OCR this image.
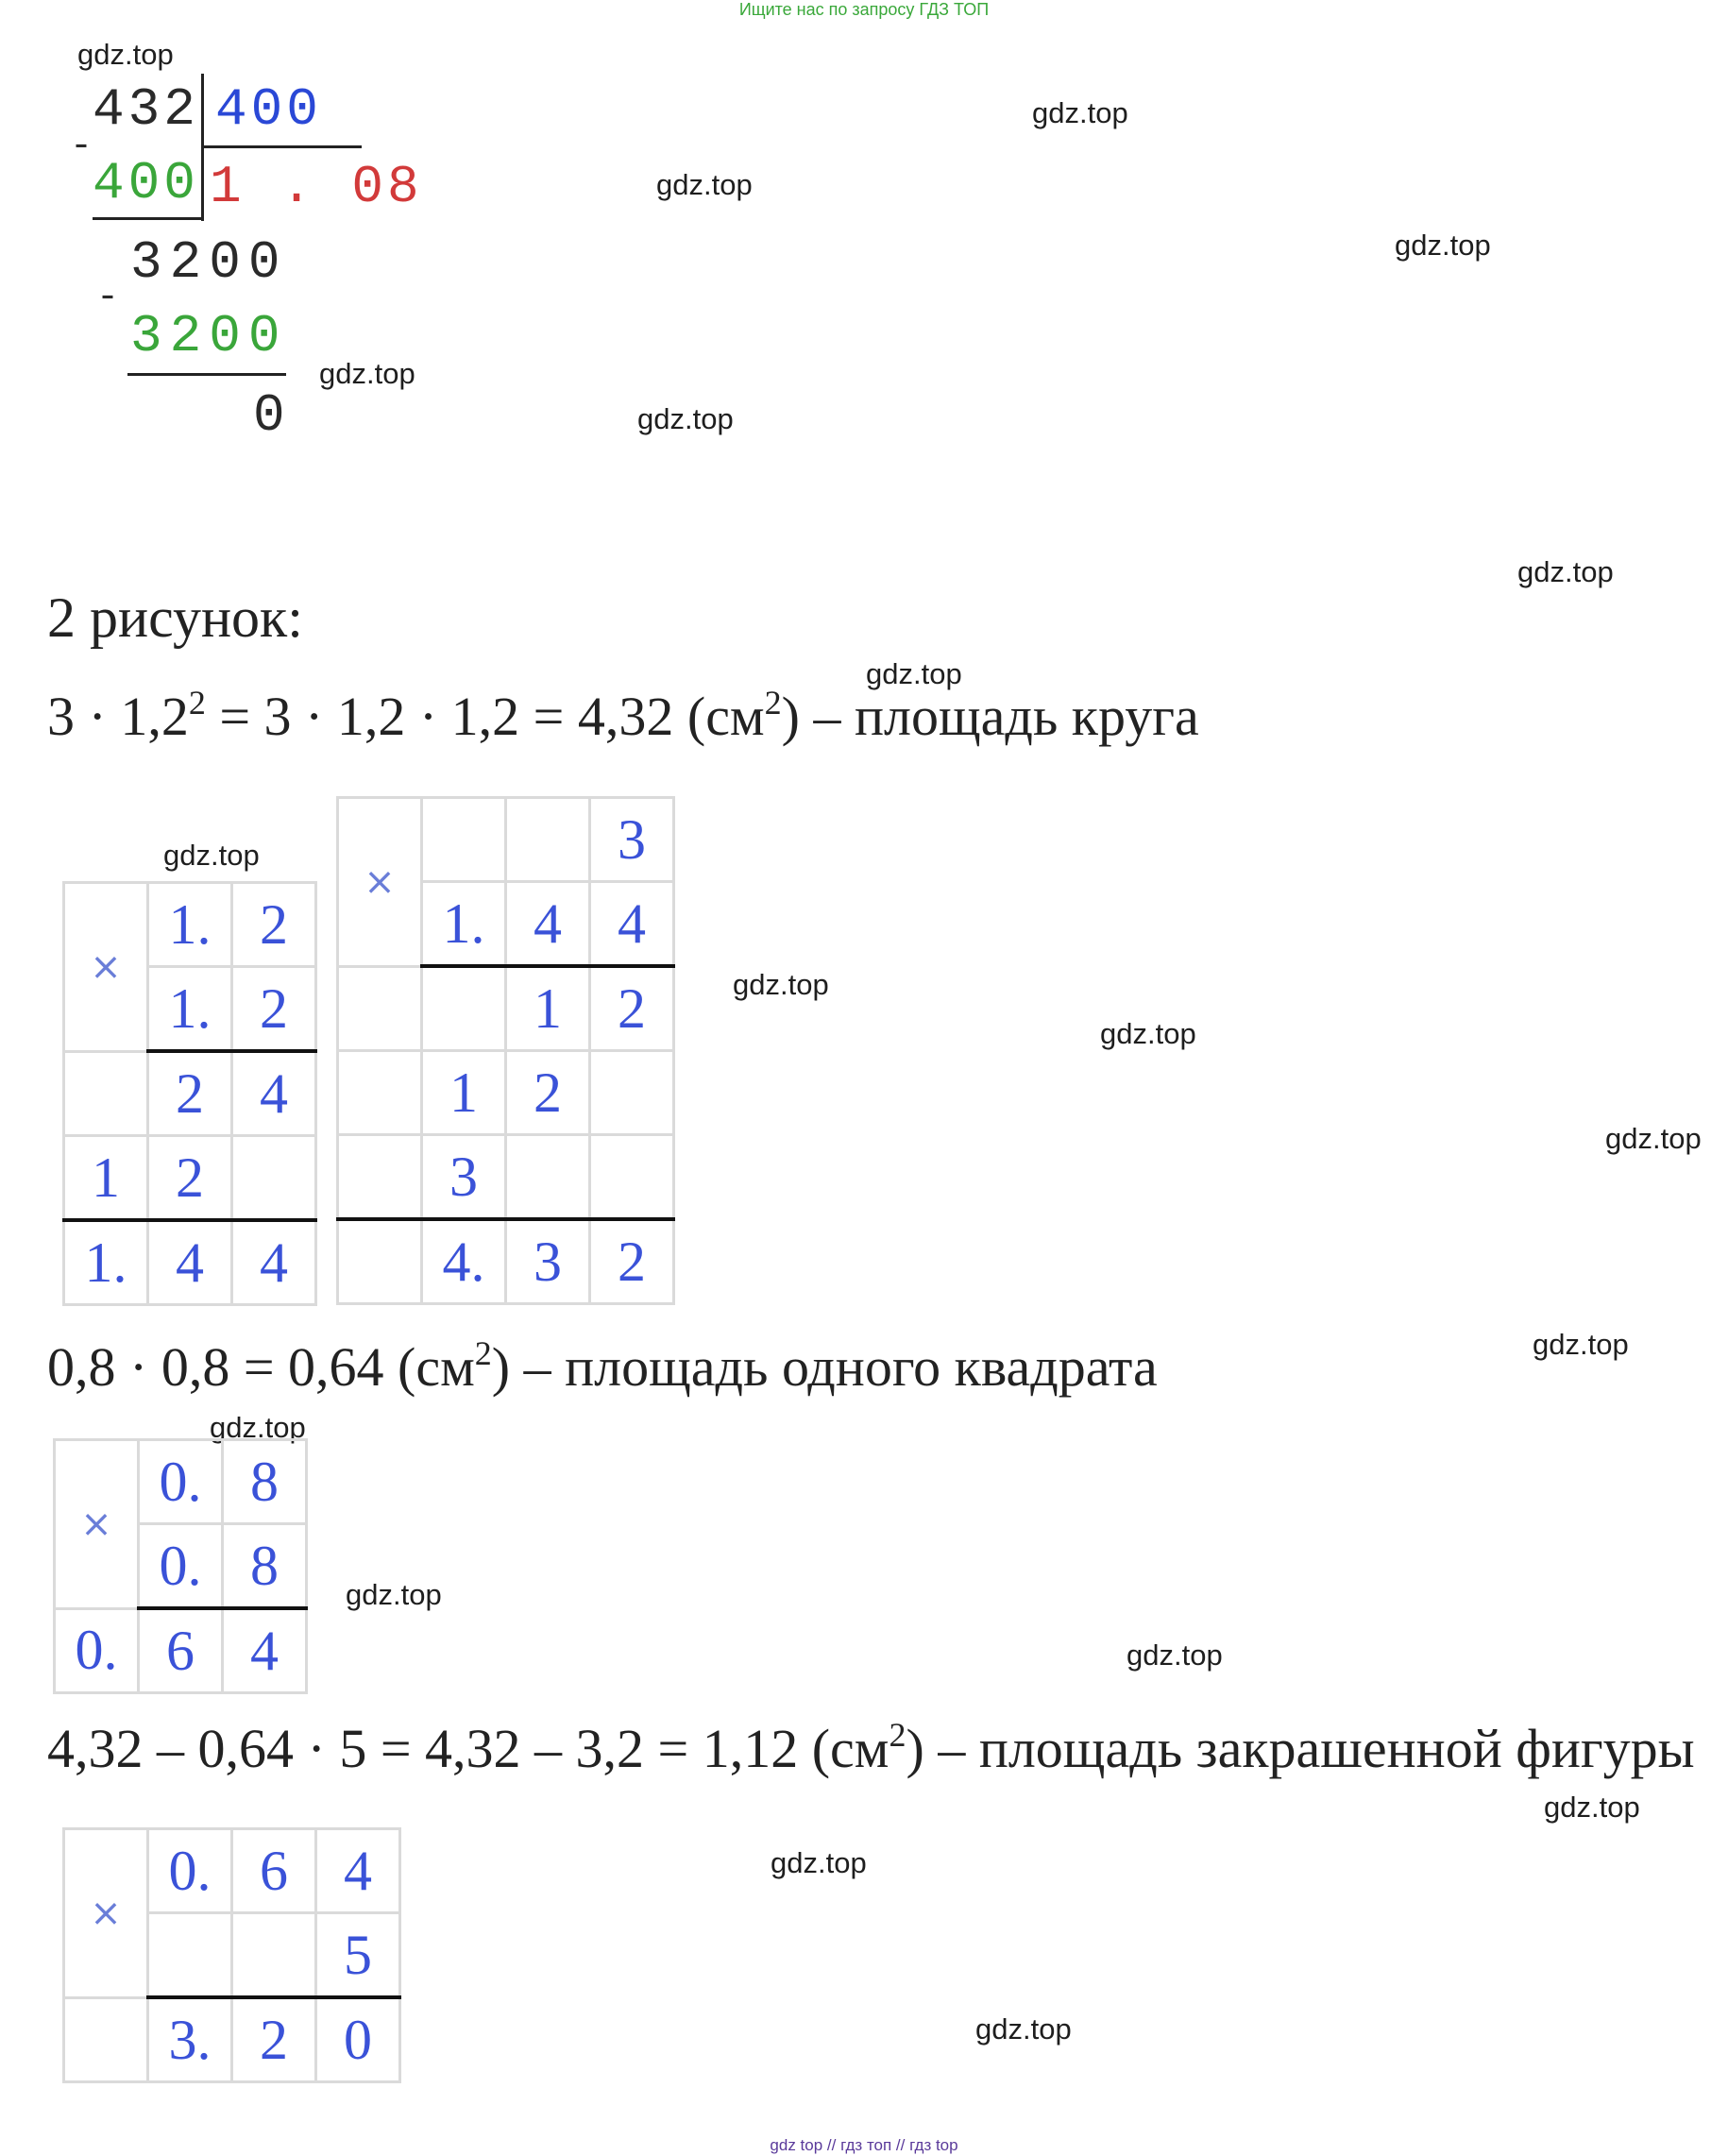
Ищите нас по запросу ГДЗ ТОП
gdz.top
gdz.top
gdz.top
gdz.top
gdz.top
gdz.top
gdz.top
gdz.top
gdz.top
gdz.top
gdz.top
gdz.top
gdz.top
gdz.top
gdz.top
gdz.top
gdz.top
gdz.top
gdz.top
432 400
-
400 1 . 08
3200
-
3200
0
2 рисунок:
$3 \cdot 1,2^2 = 3 \cdot 1,2 \cdot 1,2 = 4,32$ $(см^2)$ – площадь круга
×	1.	2
	1.	2
	2	4
1	2	
1.	4	4
×			3
	1.	4	4
		1	2
	1	2	
	3		
	4.	3	2
0,8 · 0,8 = 0,64 $(см^2)$ – площадь одного квадрата
×	0.	8
	0.	8
0.	6	4
4,32 – 0,64 · 5 = 4,32 – 3,2 = 1,12 $(см^2)$ – площадь закрашенной фигуры
×	0.	6	4
			5
	3.	2	0
gdz top // гдз топ // гдз top
